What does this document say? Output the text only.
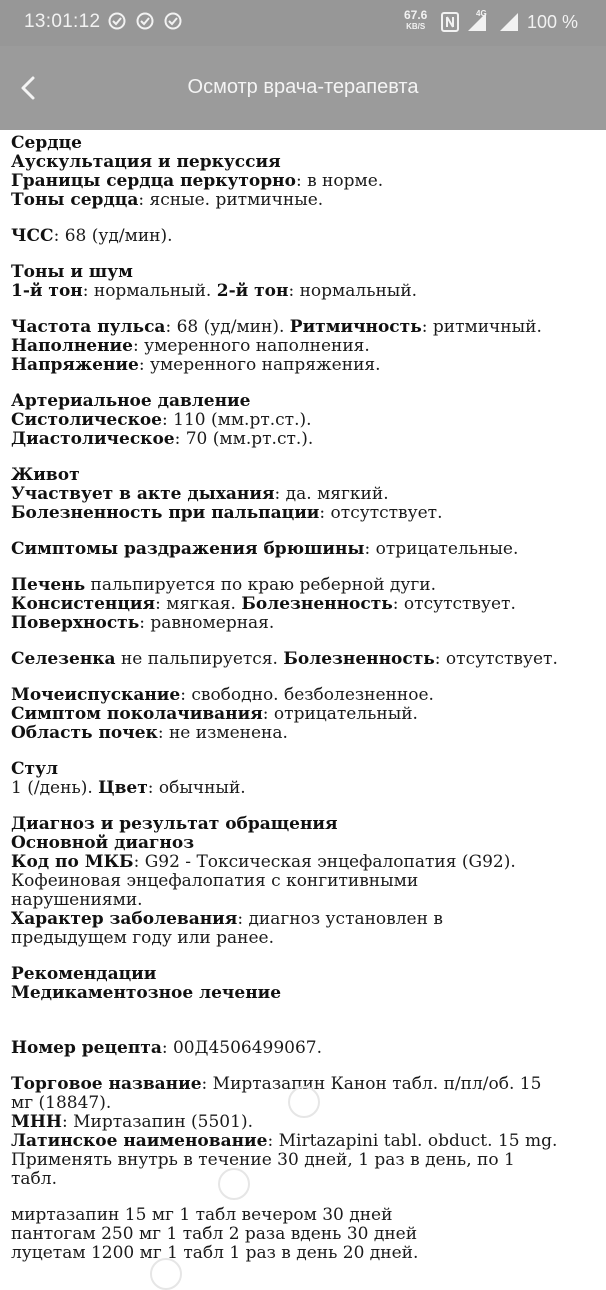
13:01:12	67.6
KB/S
4G 100 %
Осмотр врача-терапевта

Сердце

Аускультация и перкуссия

Границы сердца перкуторно: в норме.

Тоны сердца: ясные. ритмичные.

ЧСС: 68 (уд/мин).

Тоны и шум

1-й тон: нормальный. 2-й тон: нормальный.

Частота пульса: 68 (уд/мин). Ритмичность: ритмичный.

Наполнение: умеренного наполнения.

Напряжение: умеренного напряжения.

Артериальное давление

Систолическое: 110 (мм.рт.ст.).

Диастолическое: 70 (мм.рт.ст.).

Живот

Участвует в акте дыхания: да. мягкий.

Болезненность при пальпации: отсутствует.

Симптомы раздражения брюшины: отрицательные.

Печень пальпируется по краю реберной дуги.

Консистенция: мягкая. Болезненность: отсутствует.

Поверхность: равномерная.

Селезенка не пальпируется. Болезненность: отсутствует.

Мочеиспускание: свободно. безболезненное.

Симптом поколачивания: отрицательный.

Область почек: не изменена.

Стул

1 (/день). Цвет: обычный.

Диагноз и результат обращения

Основной диагноз

Код по МКБ: G92 - Токсическая энцефалопатия (G92).

Кофеиновая энцефалопатия с конгитивными

нарушениями.

Характер заболевания: диагноз установлен в

предыдущем году или ранее.

Рекомендации

Медикаментозное лечение

Номер рецепта: 00Д4506499067.

Торговое название: Миртазапин Канон табл. п/пл/об. 15

мг (18847).

МНН: Миртазапин (5501).

Латинское наименование: Mirtazapini tabl. obduct. 15 mg.

Применять внутрь в течение 30 дней, 1 раз в день, по 1

табл.

миртазапин 15 мг 1 табл вечером 30 дней

пантогам 250 мг 1 табл 2 раза вдень 30 дней

луцетам 1200 мг 1 табл 1 раз в день 20 дней.
